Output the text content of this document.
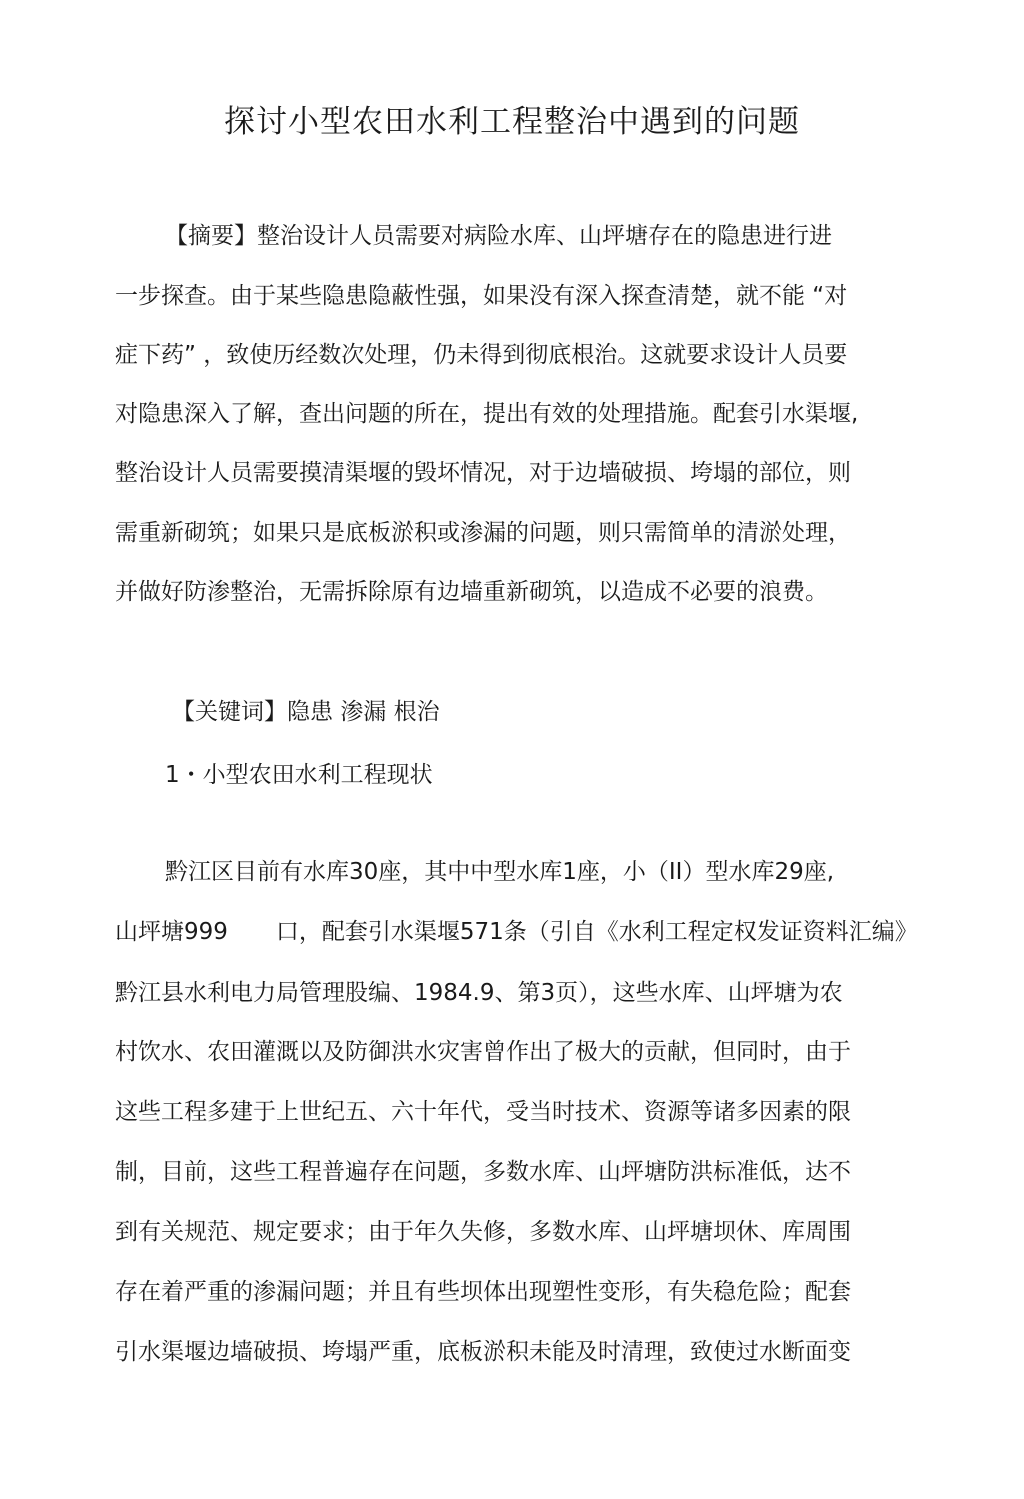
探讨小型农田水利工程整治中遇到的问题
【摘要】整治设计人员需要对病险水库、山坪塘存在的隐患进行进
一步探查。由于某些隐患隐蔽性强，如果没有深入探查清楚，就不能 “对
症下药” ，致使历经数次处理，仍未得到彻底根治。这就要求设计人员要
对隐患深入了解，查出问题的所在，提出有效的处理措施。配套引水渠堰,
整治设计人员需要摸清渠堰的毁坏情况，对于边墙破损、垮塌的部位，则
需重新砌筑；如果只是底板淤积或渗漏的问题，则只需简单的清淤处理，
并做好防渗整治，无需拆除原有边墙重新砌筑，以造成不必要的浪费。
【关键词】隐患 渗漏 根治
1・小型农田水利工程现状
黔江区目前有水库30座，其中中型水库1座，小（II）型水库29座,
山坪塘999 口，配套引水渠堰571条（引自《水利工程定权发证资料汇编》
黔江县水利电力局管理股编、1984.9、第3页），这些水库、山坪塘为农
村饮水、农田灌溉以及防御洪水灾害曾作出了极大的贡献，但同时，由于
这些工程多建于上世纪五、六十年代，受当时技术、资源等诸多因素的限
制，目前，这些工程普遍存在问题，多数水库、山坪塘防洪标准低，达不
到有关规范、规定要求；由于年久失修，多数水库、山坪塘坝休、库周围
存在着严重的渗漏问题；并且有些坝体出现塑性变形，有失稳危险；配套
引水渠堰边墙破损、垮塌严重，底板淤积未能及时清理，致使过水断面变
